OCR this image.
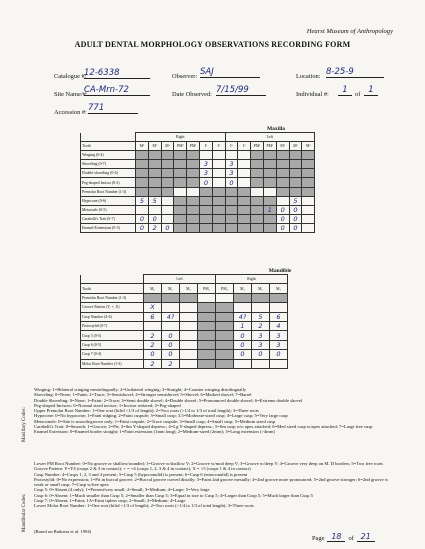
Hearst Museum of Anthropology
ADULT DENTAL MORPHOLOGY OBSERVATIONS RECORDING FORM
Catalogue #:
12-6338	Observer: SAJ	Location: 8-25-9
Site Name/#:
CA-Mrn-72	Date Observed: 7/15/99	Individual #:	1	of 1
Accession #: 771
Maxilla
	Right							Left						
Tooth	M³	M²	M¹	PM²	PM¹	I²	I¹	I¹	I²	PM¹	PM²	M¹	M²	M³
Winging (0-4)														
Shoveling (0-7)						3		3						
Double-shoveling (0-6)						3		3						
Peg-shaped Incisor (0-2)						0		0						
Premolar Root Number (1-3)														
Hypocone (0-6)	5	5											5	
Metacoule (0-5)											1	0	0	
Carabelli's Trait (0-7)	0	0										0	0	
Enamel Extensions (0-3)	0	2	0									0	0	
Mandible
	Left				Right			
Tooth	M₃	M₂	M₁	PM₂	PM₂	M₁	M₂	M₃
Premolar Root Number (1-3)								
Groove Pattern (Y, +, X)	X							
Cusp Number (4-6)	6	4?				4?	5	6
Protostylid (0-7)						1	2	4
Cusp 5 (0-5)	2	0				0	3	3
Cusp 6 (0-5)	2	0				0	3	3
Cusp 7 (0-4)	0	0				0	0	0
Molar Root Number (1-3)	2	2						
Maxillary Codes:
Winging: 1=Bilateral winging mesiolingually; 2=Unilateral winging; 3=Straight; 4=Counter winging distolingually
Shoveling: 0=None; 1=Faint; 2=Trace; 3=Semishovel; 4=Stronger semishovel; 5=Shovel; 6=Marked shovel; 7=Barrel
Double Shoveling: 0=None; 1=Faint; 2=Trace; 3=Semi double shovel; 4=Double shovel; 5=Pronounced double shovel; 6=Extreme double shovel
Peg-shaped Incisors: 0=Normal sized incisor; 1=Incisor reduced; 2=Peg-shaped
Upper Premolar Root Number: 1=One root (bifid <1/3 of length); 2=Two roots (>1/4 to 1/3 of total length); 3=Three roots
Hypocone: 0=No hypocone; 1=Faint ridging; 2=Faint cuspule; 3=Small cusp; 3.5=Moderate-sized cusp; 4=Large cusp; 5=Very large cusp
Metaconule: 0=Site is smooth/groove only; 1=Faint cuspule; 2=Trace cuspule; 3=Small cusp; 4=Small cusp; 5=Medium sized cusp
Carabelli's Trait: 0=Smooth; 1=Groove; 2=Pit; 3=Sm Y-shaped depress.; 4=Lg Y-shaped depress.; 5=Sm cusp w/o apex attached; 6=Med sized cusp w/apex attached; 7=Large free cusp
Enamel Extension: 0=Enamel border straight; 1=Faint extension (1mm long); 2=Medium-sized (2mm); 3=Long extension (>4mm)
Mandibular Codes:
Lower PM Root Number: 0=No groove or shallow/rounded; 1=Groove w/shallow V; 2=Groove w/mod deep V; 3=Groove w/deep V; 4=Groove very deep on M. D borders; 5=Two free roots
Groove Pattern: Y=Y4 (cusps 2 & 3 in contact); + = +4 (cusps 1, 2, 3 & 4 in contact); X = ×5 (cusps 1 & 4 in contact)
Cusp Number: 4=Cusps 1, 2, 3 and 4 present; 5=Cusp 5 (hypoconulid) is present; 6=Cusp 6 (entoconulid) is present
Protostylid: 0=No expression; 1=Pit in buccal groove; 2=Buccal groove curved distally; 3=Faint 2nd groove mesially; 4=2nd groove more pronounced; 5=2nd groove stronger; 6=2nd groove w weak or small cusp; 7=Cusp w/free apex
Cusp 5: 0=Absent (4 only); 1=Present/very small; 2=Small; 3=Medium; 4=Large; 5=Very large
Cusp 6: 0=Absent; 1=Much smaller than Cusp 5; 2=Smaller than Cusp 5; 3=Equal in size to Cusp 5; 4=Larger than Cusp 5; 5=Much larger than Cusp 5
Cusp 7: 0=Absent; 1=Faint; 1A=Faint tipless cusp; 2=Small; 3=Medium; 4=Large
Lower Molar Root Number: 1=One root (bifid <1/3 of length); 2=Two roots (>1/4 to 1/3 of total length); 3=Three roots
(Based on Buikstra et al. 1994)
Page 18	of 21
